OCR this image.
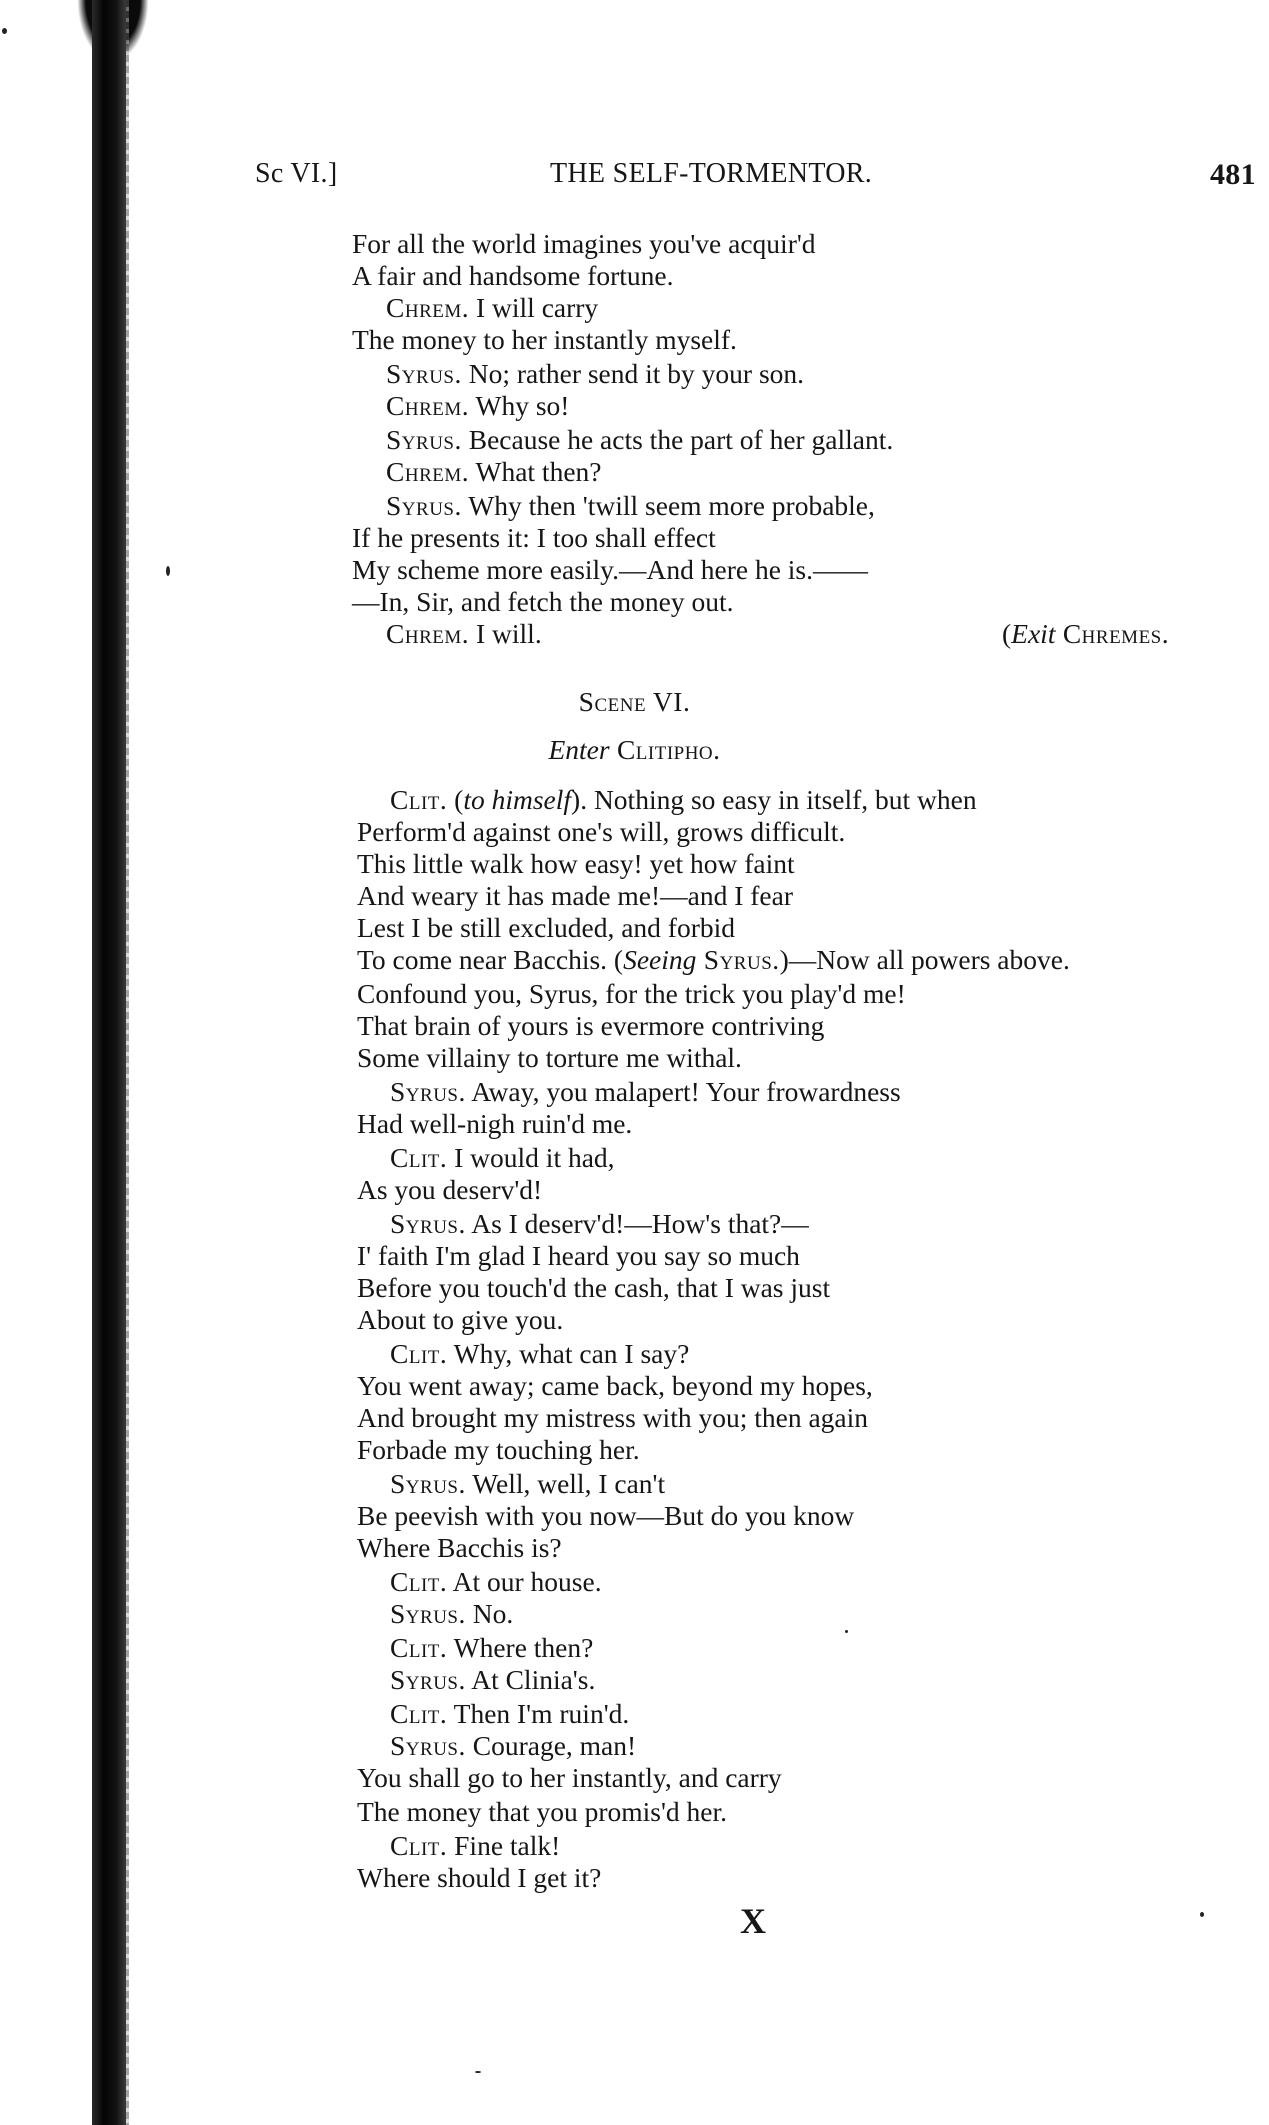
Sc VI.]	THE SELF-TORMENTOR.	481
For all the world imagines you've acquir'd
A fair and handsome fortune.
Chrem. I will carry
The money to her instantly myself.
Syrus. No; rather send it by your son.
Chrem. Why so!
Syrus. Because he acts the part of her gallant.
Chrem. What then?
Syrus. Why then 'twill seem more probable,
If he presents it: I too shall effect
My scheme more easily.—And here he is.——
—In, Sir, and fetch the money out.
Chrem. I will.	(Exit Chremes.
Scene VI.
Enter Clitipho.
Clit. (to himself). Nothing so easy in itself, but when
Perform'd against one's will, grows difficult.
This little walk how easy! yet how faint
And weary it has made me!—and I fear
Lest I be still excluded, and forbid
To come near Bacchis. (Seeing Syrus.)—Now all powers above.
Confound you, Syrus, for the trick you play'd me!
That brain of yours is evermore contriving
Some villainy to torture me withal.
Syrus. Away, you malapert! Your frowardness
Had well-nigh ruin'd me.
Clit. I would it had,
As you deserv'd!
Syrus. As I deserv'd!—How's that?—
I' faith I'm glad I heard you say so much
Before you touch'd the cash, that I was just
About to give you.
Clit. Why, what can I say?
You went away; came back, beyond my hopes,
And brought my mistress with you; then again
Forbade my touching her.
Syrus. Well, well, I can't
Be peevish with you now—But do you know
Where Bacchis is?
Clit. At our house.
Syrus. No.
Clit. Where then?
Syrus. At Clinia's.
Clit. Then I'm ruin'd.
Syrus. Courage, man!
You shall go to her instantly, and carry
The money that you promis'd her.
Clit. Fine talk!
Where should I get it?
X
